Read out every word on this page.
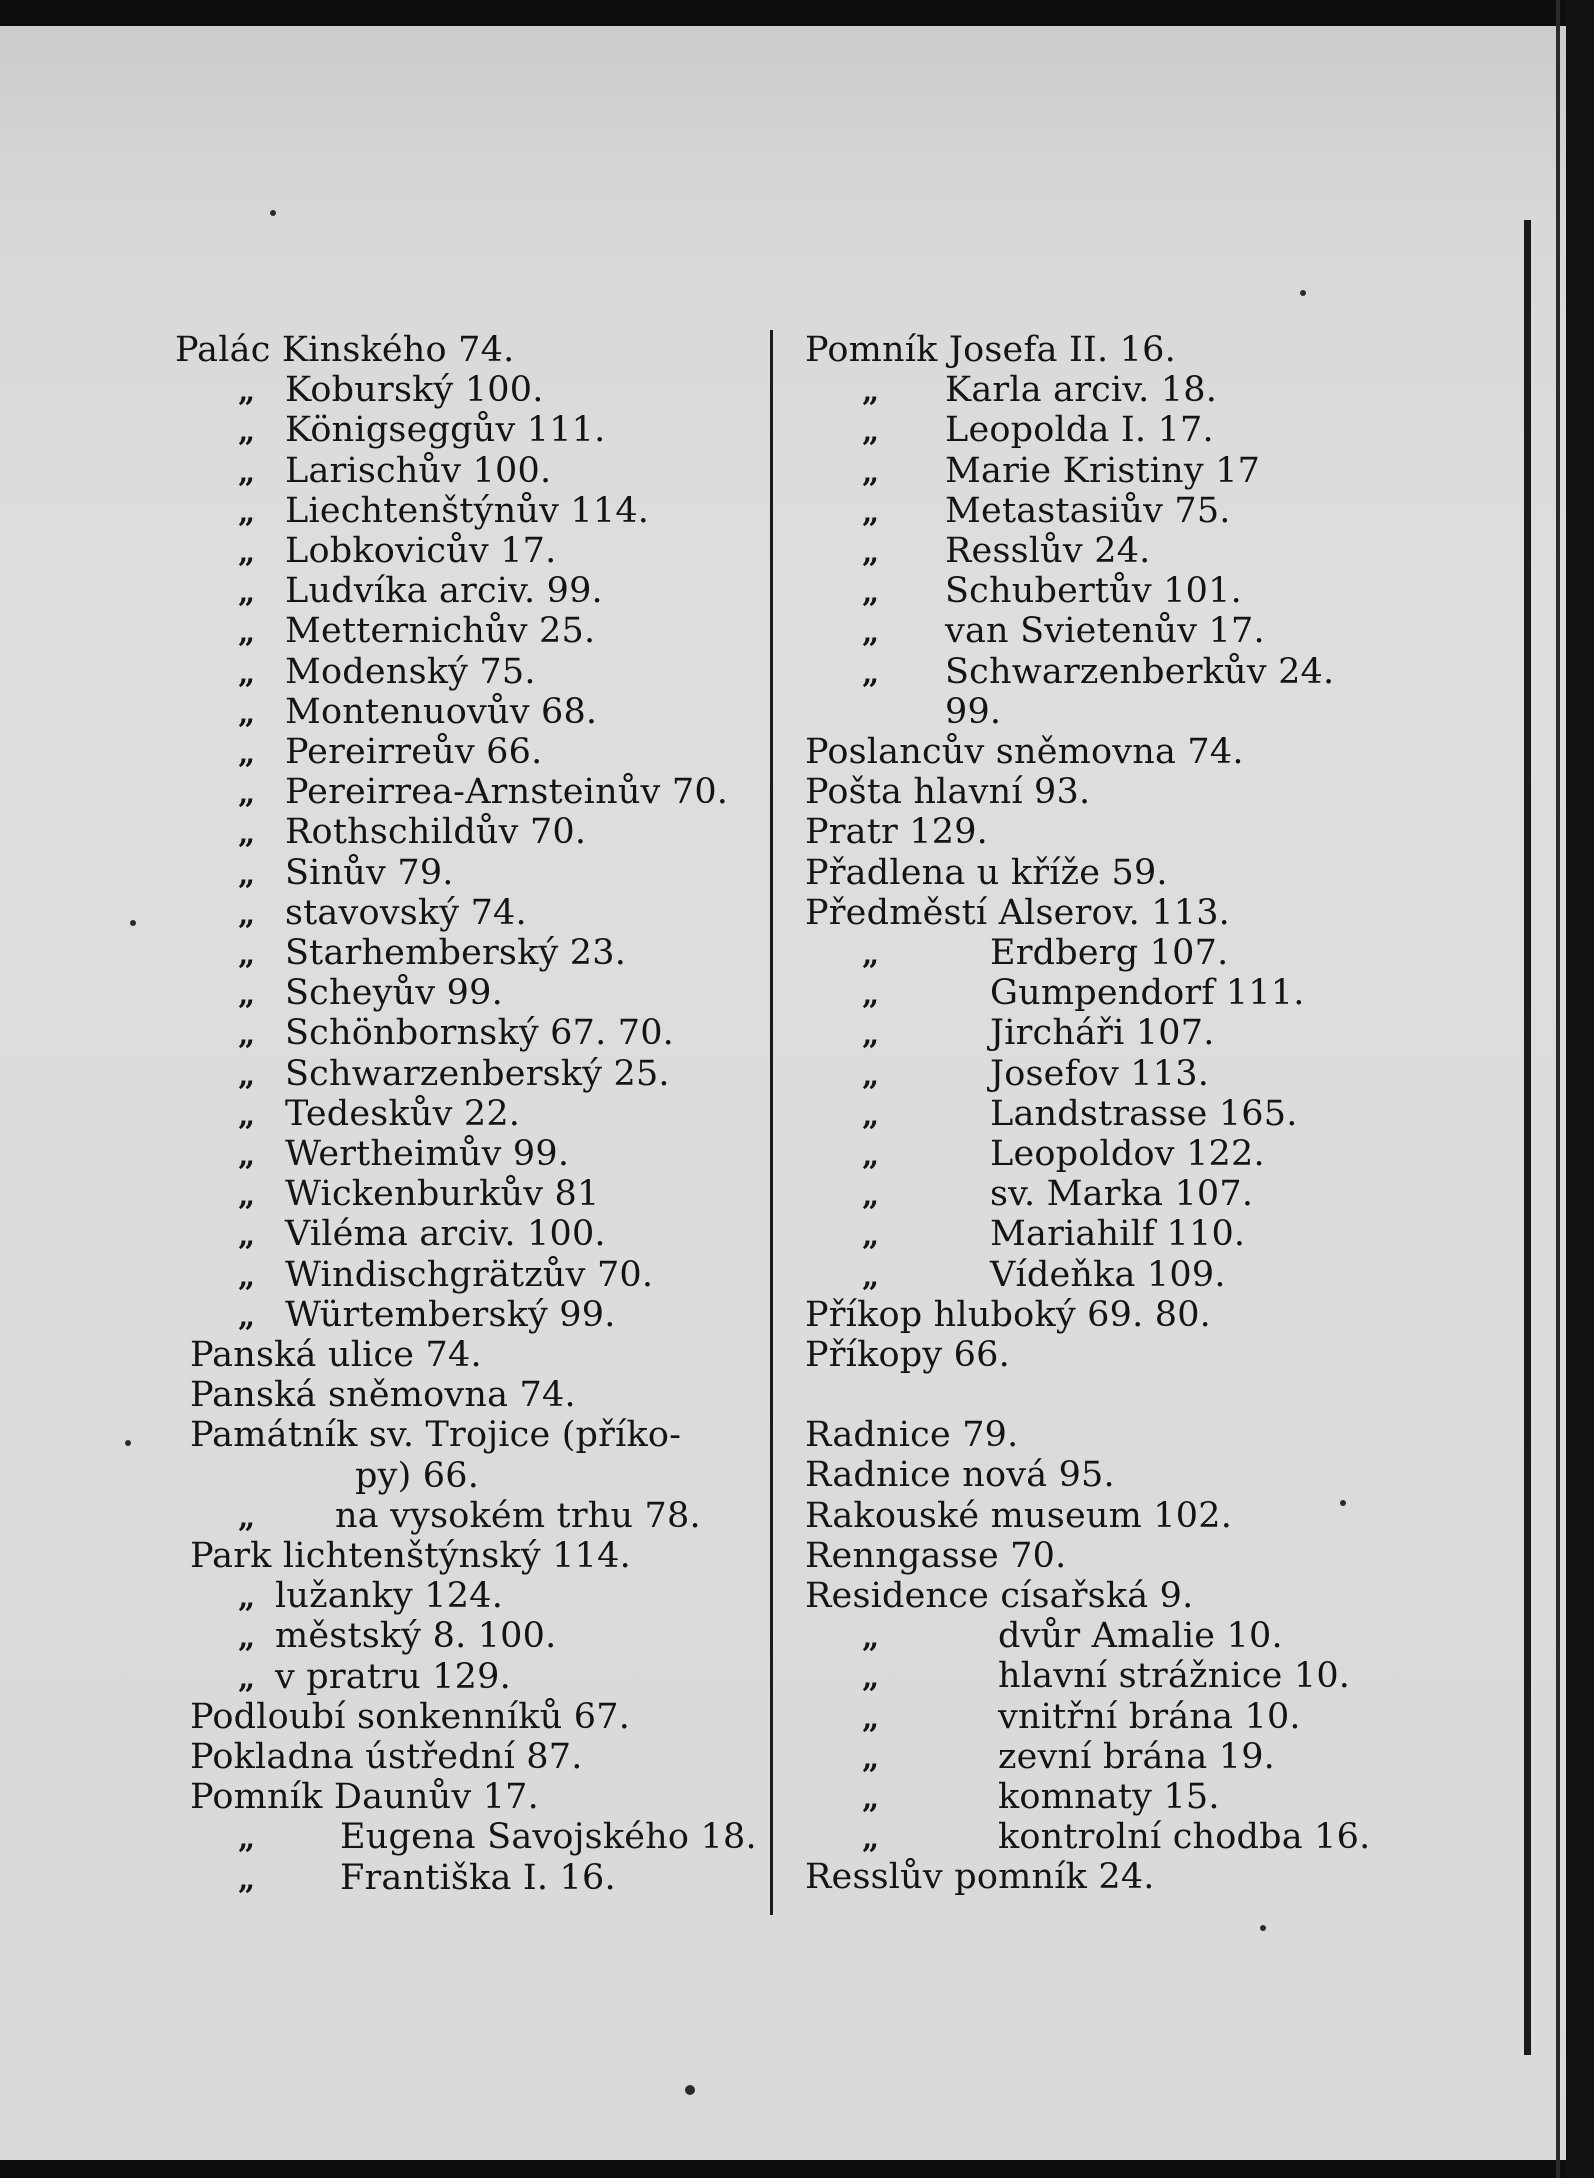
Palác Kinského 74.
„ Koburský 100.
„ Königseggův 111.
„ Larischův 100.
„ Liechtenštýnův 114.
„ Lobkovicův 17.
„ Ludvíka arciv. 99.
„ Metternichův 25.
„ Modenský 75.
„ Montenuovův 68.
„ Pereirreův 66.
„ Pereirrea-Arnsteinův 70.
„ Rothschildův 70.
„ Sinův 79.
„ stavovský 74.
„ Starhemberský 23.
„ Scheyův 99.
„ Schönbornský 67. 70.
„ Schwarzenberský 25.
„ Tedeskův 22.
„ Wertheimův 99.
„ Wickenburkův 81
„ Viléma arciv. 100.
„ Windischgrätzův 70.
„ Würtemberský 99.
Panská ulice 74.
Panská sněmovna 74.
Památník sv. Trojice (příko-
py) 66.
„ na vysokém trhu 78.
Park lichtenštýnský 114.
„ lužanky 124.
„ městský 8. 100.
„ v pratru 129.
Podloubí sonkenníků 67.
Pokladna ústřední 87.
Pomník Daunův 17.
„ Eugena Savojského 18.
„ Františka I. 16.
Pomník Josefa II. 16.
„ Karla arciv. 18.
„ Leopolda I. 17.
„ Marie Kristiny 17
„ Metastasiův 75.
„ Resslův 24.
„ Schubertův 101.
„ van Svietenův 17.
„ Schwarzenberkův 24.
99.
Poslancův sněmovna 74.
Pošta hlavní 93.
Pratr 129.
Přadlena u kříže 59.
Předměstí Alserov. 113.
„	Erdberg 107.
„	Gumpendorf 111.
„	Jircháři 107.
„	Josefov 113.
„	Landstrasse 165.
„	Leopoldov 122.
„	sv. Marka 107.
„	Mariahilf 110.
„	Vídeňka 109.
Příkop hluboký 69. 80.
Příkopy 66.
Radnice 79.
Radnice nová 95.
Rakouské museum 102.
Renngasse 70.
Residence císařská 9.
„	dvůr Amalie 10.
„	hlavní strážnice 10.
„	vnitřní brána 10.
„	zevní brána 19.
„	komnaty 15.
„	kontrolní chodba 16.
Resslův pomník 24.
